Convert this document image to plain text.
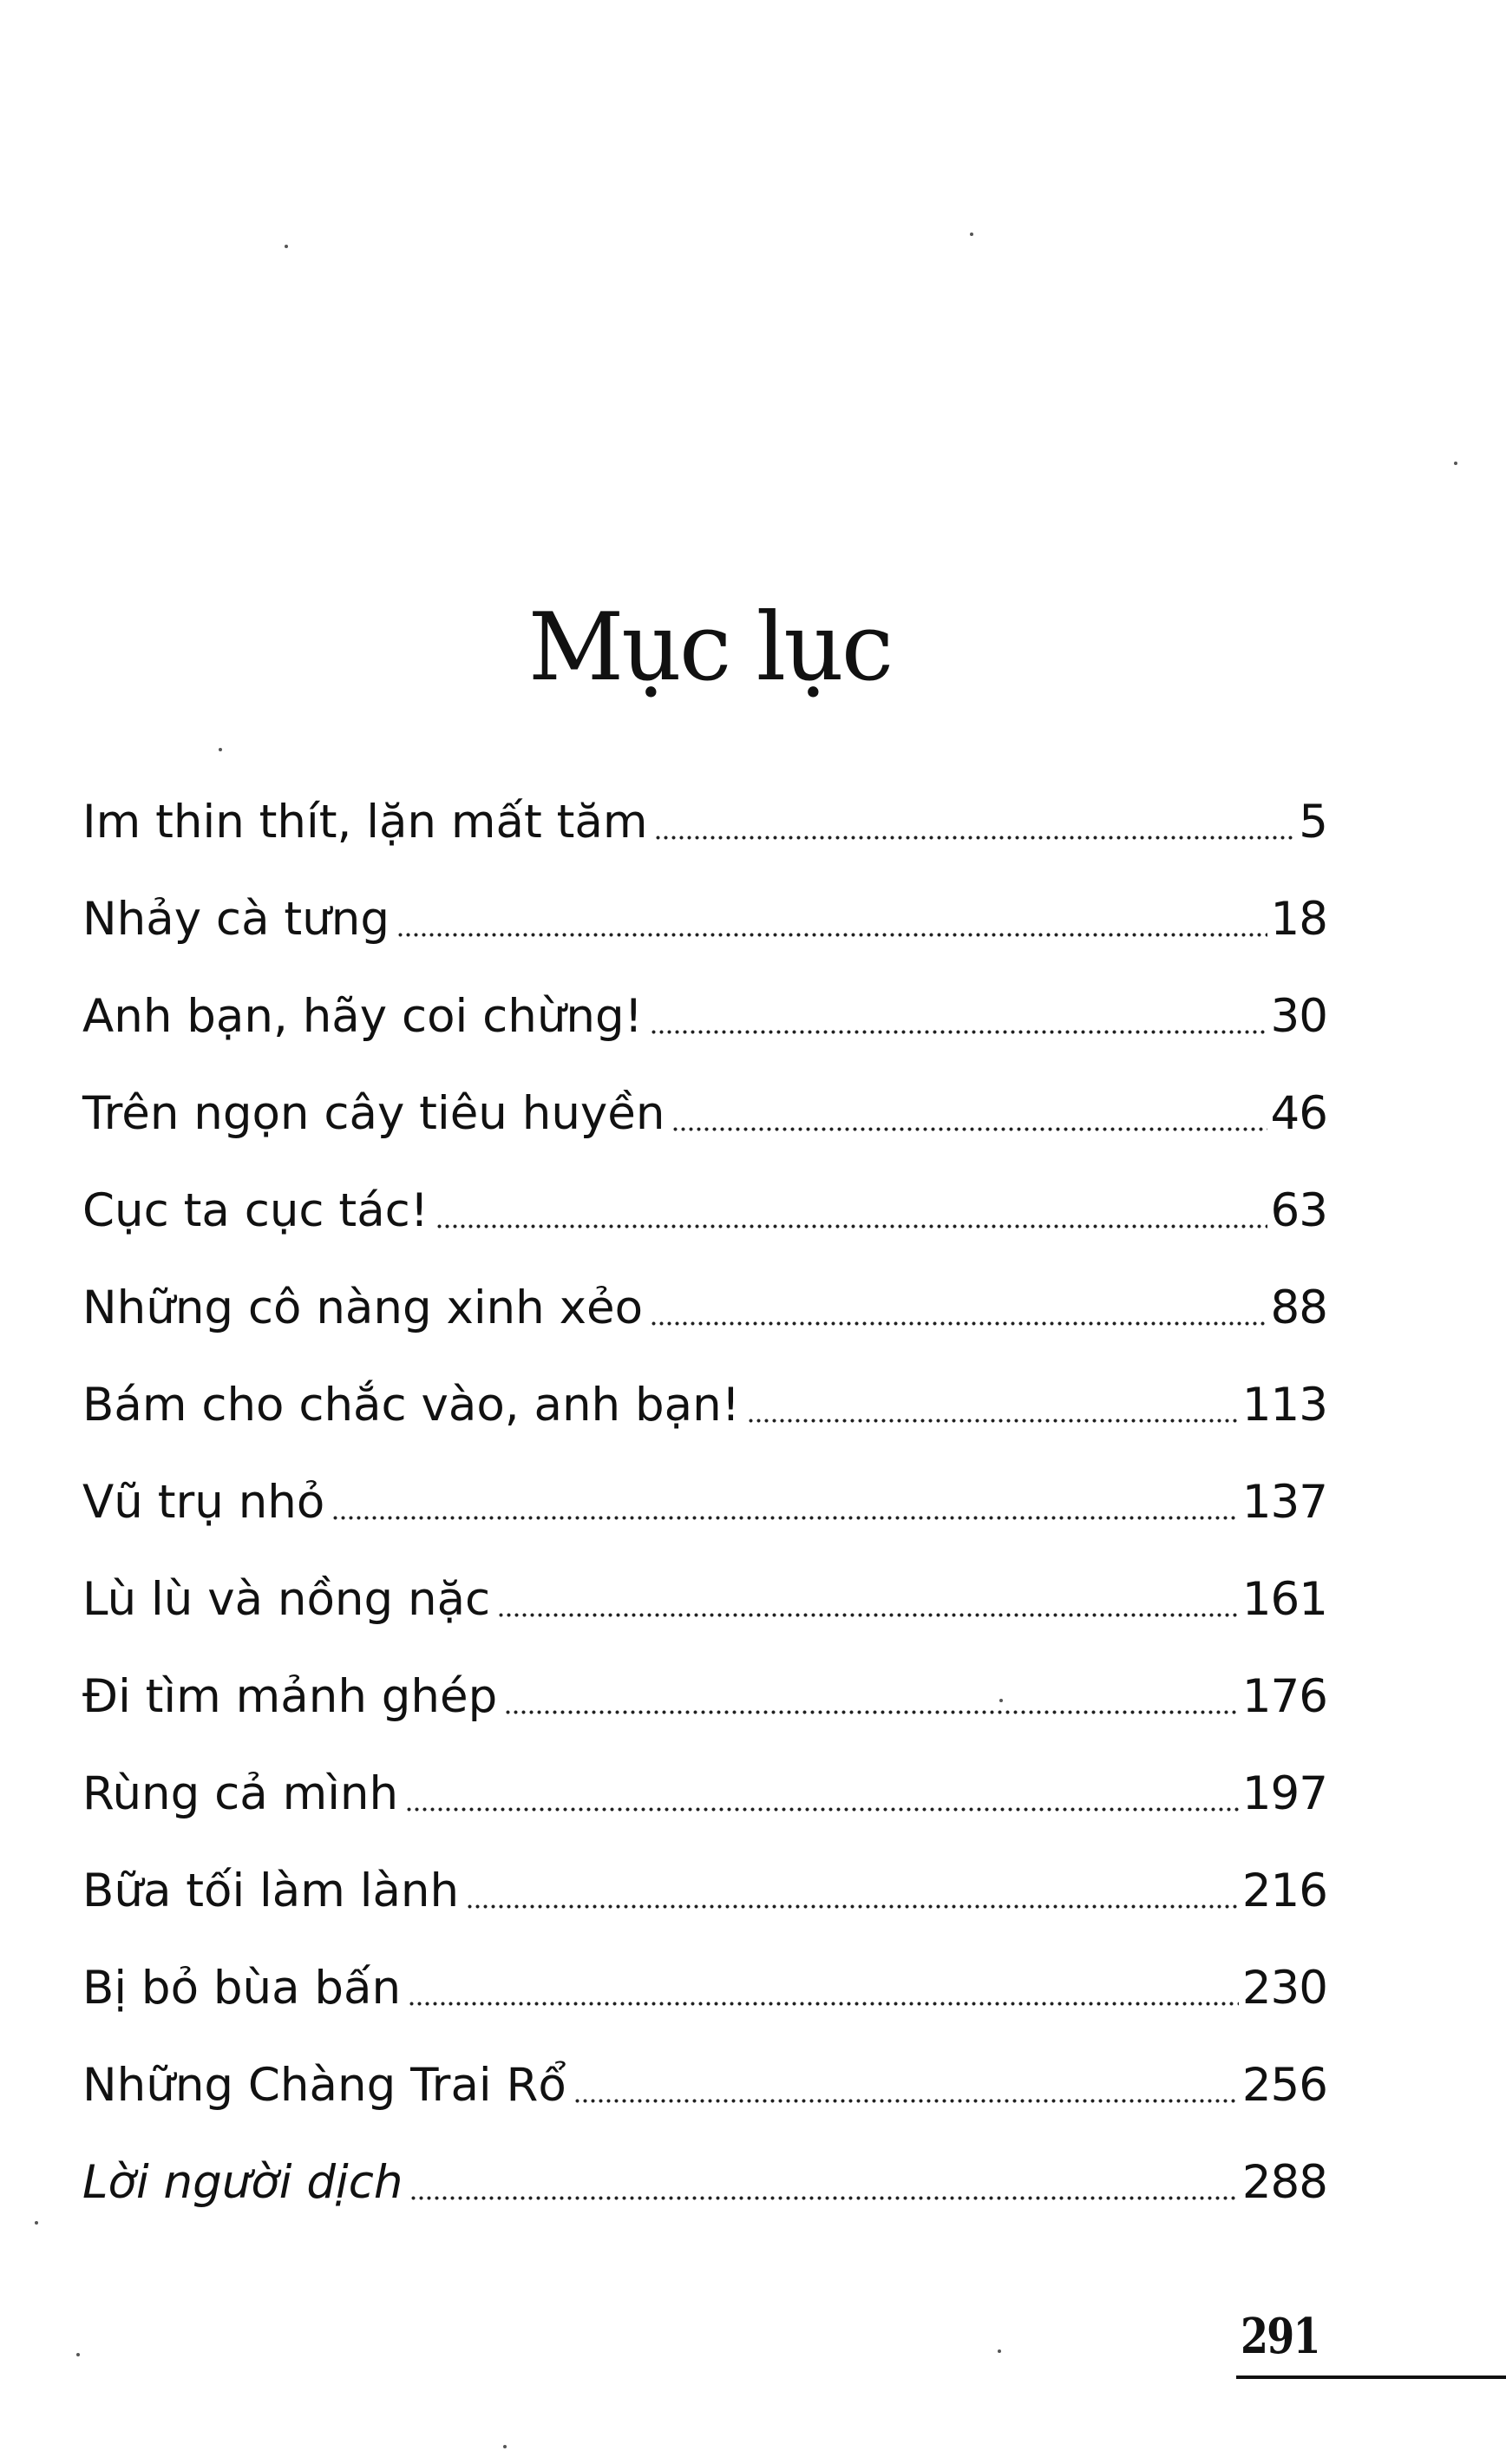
Mục lục
Im thin thít, lặn mất tăm	5
Nhảy cà tưng	18
Anh bạn, hãy coi chừng!	30
Trên ngọn cây tiêu huyền	46
Cục ta cục tác!	63
Những cô nàng xinh xẻo	88
Bám cho chắc vào, anh bạn!	113
Vũ trụ nhỏ	137
Lù lù và nồng nặc	161
Đi tìm mảnh ghép	176
Rùng cả mình	197
Bữa tối làm lành	216
Bị bỏ bùa bấn	230
Những Chàng Trai Rổ	256
Lời người dịch	288
291
